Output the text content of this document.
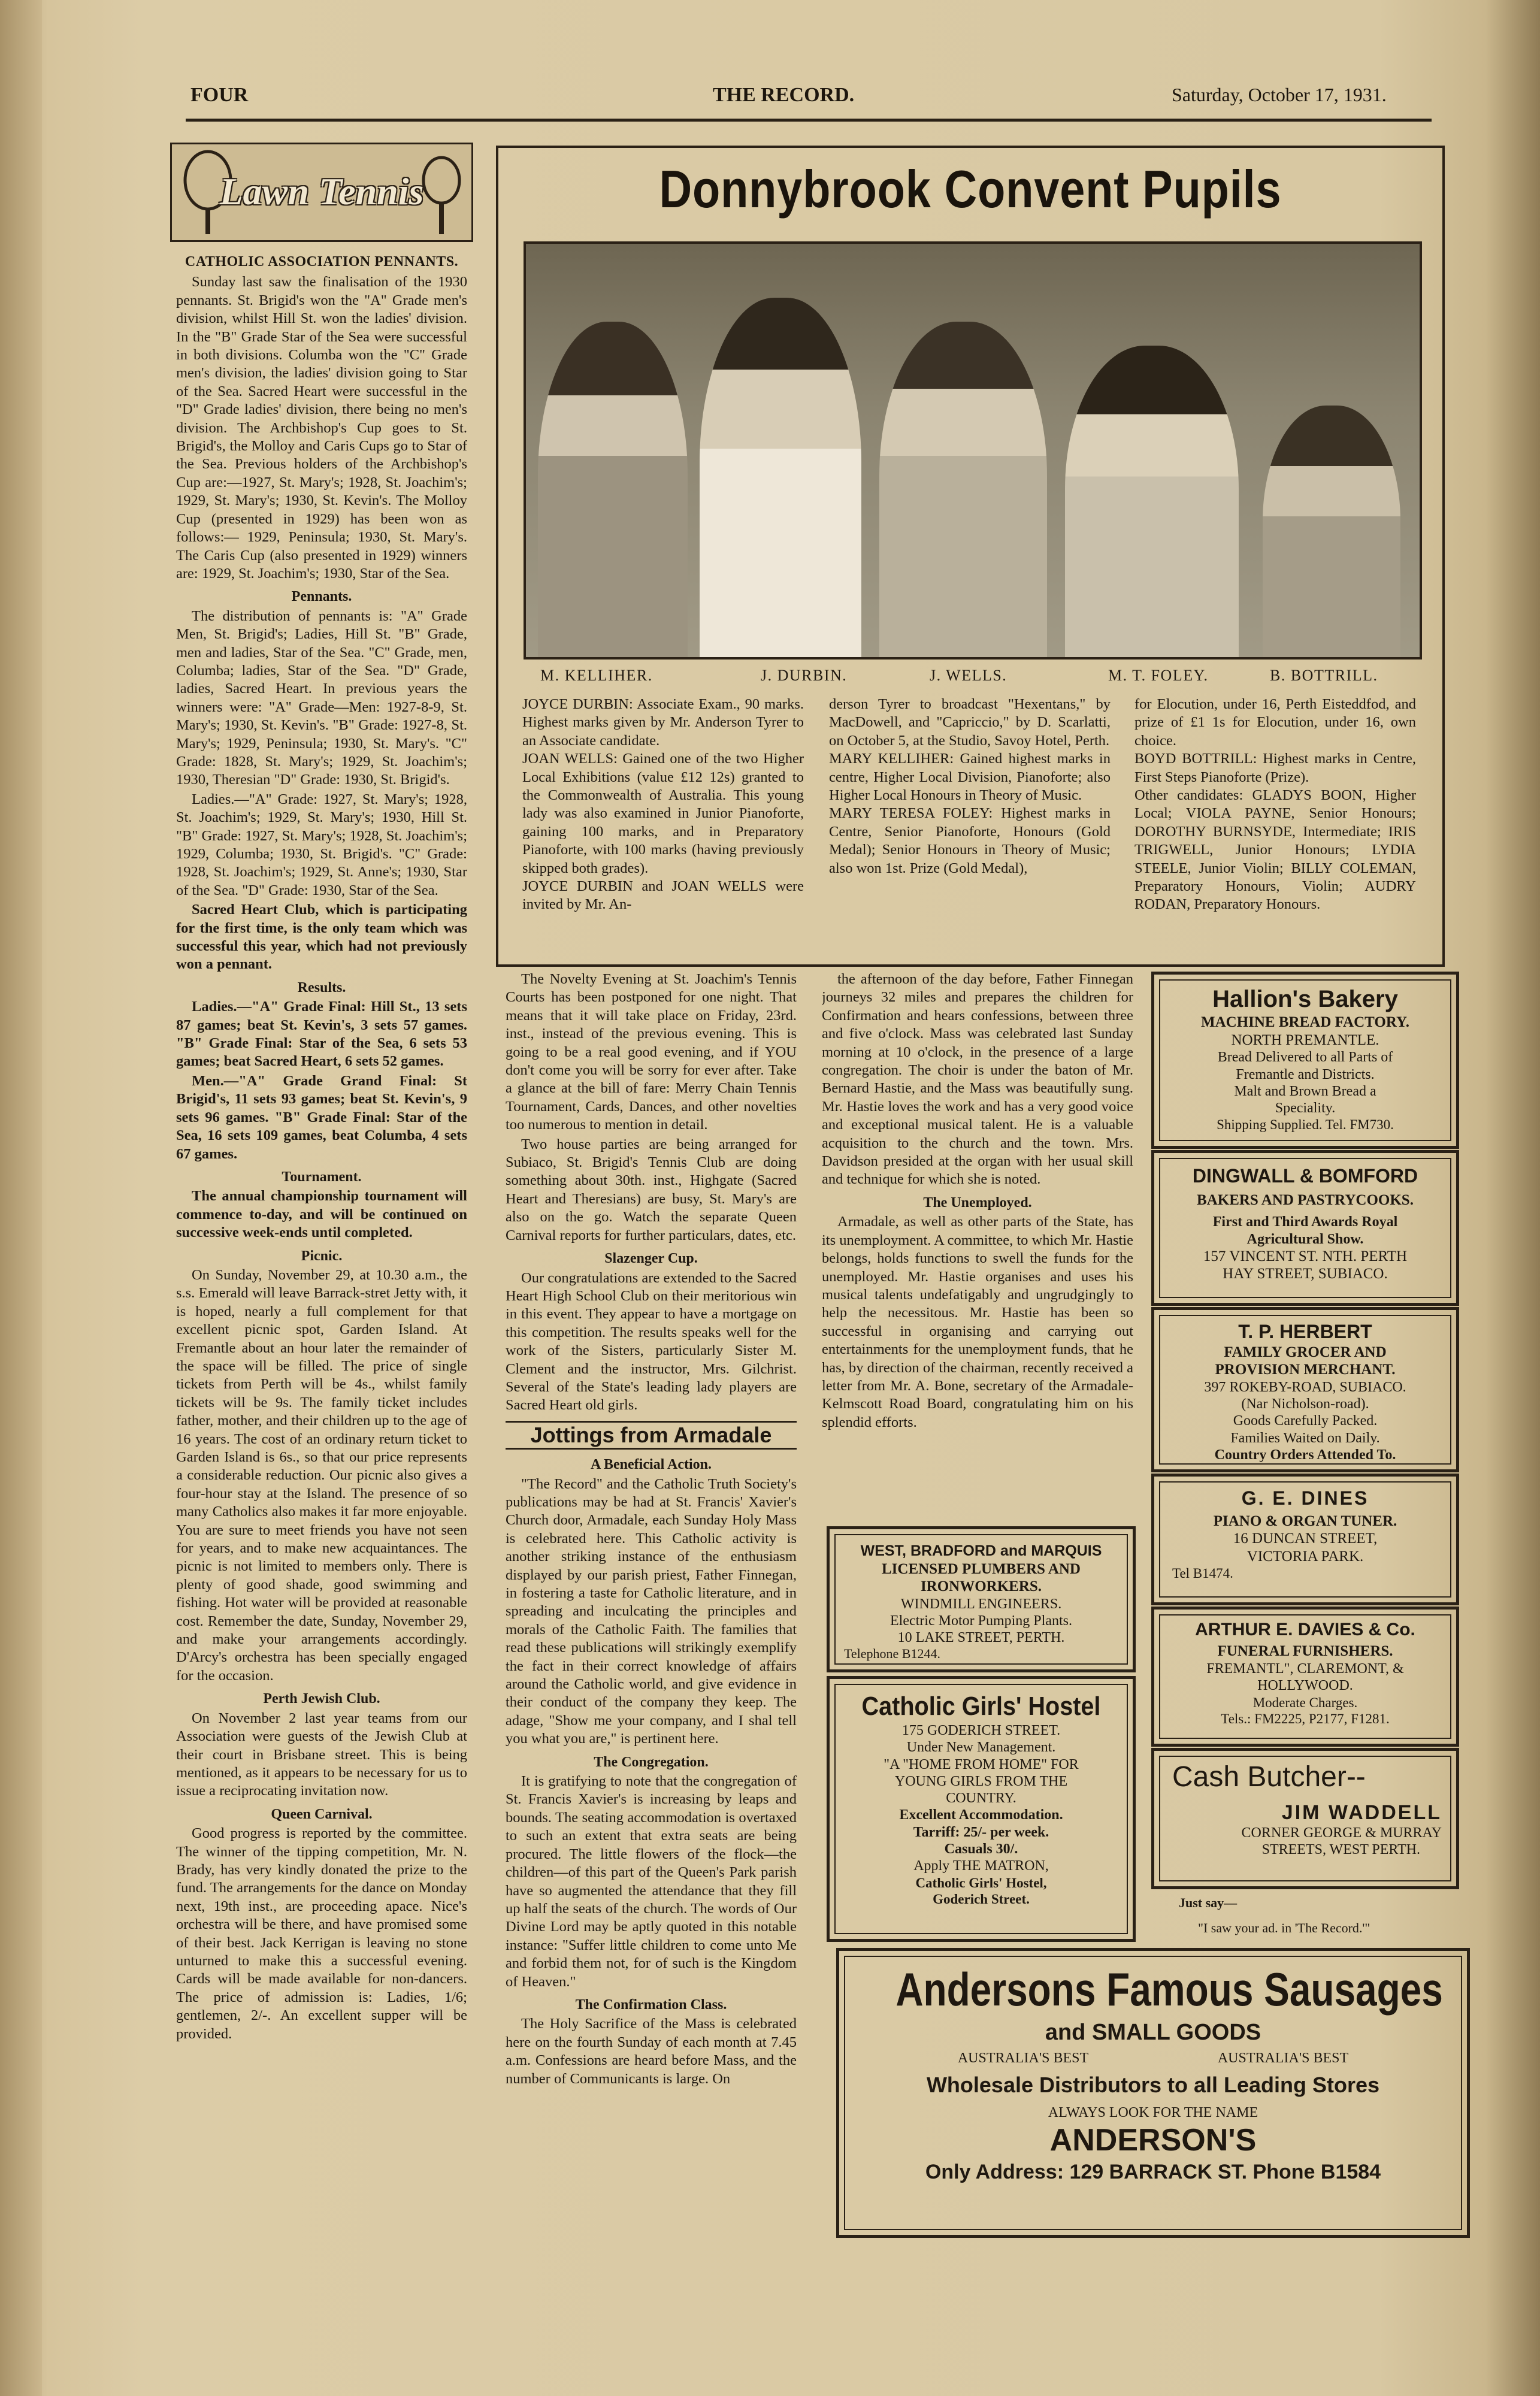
FOUR	THE RECORD.	Saturday, October 17, 1931.
Lawn Tennis

CATHOLIC ASSOCIATION PENNANTS.

Sunday last saw the finalisation of the 1930 pennants. St. Brigid's won the "A" Grade men's division, whilst Hill St. won the ladies' division. In the "B" Grade Star of the Sea were successful in both divisions. Columba won the "C" Grade men's division, the ladies' division going to Star of the Sea. Sacred Heart were successful in the "D" Grade ladies' division, there being no men's division. The Archbishop's Cup goes to St. Brigid's, the Molloy and Caris Cups go to Star of the Sea. Previous holders of the Archbishop's Cup are:—1927, St. Mary's; 1928, St. Joachim's; 1929, St. Mary's; 1930, St. Kevin's. The Molloy Cup (presented in 1929) has been won as follows:— 1929, Peninsula; 1930, St. Mary's. The Caris Cup (also presented in 1929) winners are: 1929, St. Joachim's; 1930, Star of the Sea.

Pennants.

The distribution of pennants is: "A" Grade Men, St. Brigid's; Ladies, Hill St. "B" Grade, men and ladies, Star of the Sea. "C" Grade, men, Columba; ladies, Star of the Sea. "D" Grade, ladies, Sacred Heart. In previous years the winners were: "A" Grade—Men: 1927-8-9, St. Mary's; 1930, St. Kevin's. "B" Grade: 1927-8, St. Mary's; 1929, Peninsula; 1930, St. Mary's. "C" Grade: 1828, St. Mary's; 1929, St. Joachim's; 1930, Theresian "D" Grade: 1930, St. Brigid's.

Ladies.—"A" Grade: 1927, St. Mary's; 1928, St. Joachim's; 1929, St. Mary's; 1930, Hill St. "B" Grade: 1927, St. Mary's; 1928, St. Joachim's; 1929, Columba; 1930, St. Brigid's. "C" Grade: 1928, St. Joachim's; 1929, St. Anne's; 1930, Star of the Sea. "D" Grade: 1930, Star of the Sea.

Sacred Heart Club, which is participating for the first time, is the only team which was successful this year, which had not previously won a pennant.

Results.

Ladies.—"A" Grade Final: Hill St., 13 sets 87 games; beat St. Kevin's, 3 sets 57 games. "B" Grade Final: Star of the Sea, 6 sets 53 games; beat Sacred Heart, 6 sets 52 games.

Men.—"A" Grade Grand Final: St Brigid's, 11 sets 93 games; beat St. Kevin's, 9 sets 96 games. "B" Grade Final: Star of the Sea, 16 sets 109 games, beat Columba, 4 sets 67 games.

Tournament.

The annual championship tournament will commence to-day, and will be continued on successive week-ends until completed.

Picnic.

On Sunday, November 29, at 10.30 a.m., the s.s. Emerald will leave Barrack-stret Jetty with, it is hoped, nearly a full complement for that excellent picnic spot, Garden Island. At Fremantle about an hour later the remainder of the space will be filled. The price of single tickets from Perth will be 4s., whilst family tickets will be 9s. The family ticket includes father, mother, and their children up to the age of 16 years. The cost of an ordinary return ticket to Garden Island is 6s., so that our price represents a considerable reduction. Our picnic also gives a four-hour stay at the Island. The presence of so many Catholics also makes it far more enjoyable. You are sure to meet friends you have not seen for years, and to make new acquaintances. The picnic is not limited to members only. There is plenty of good shade, good swimming and fishing. Hot water will be provided at reasonable cost. Remember the date, Sunday, November 29, and make your arrangements accordingly. D'Arcy's orchestra has been specially engaged for the occasion.

Perth Jewish Club.

On November 2 last year teams from our Association were guests of the Jewish Club at their court in Brisbane street. This is being mentioned, as it appears to be necessary for us to issue a reciprocating invitation now.

Queen Carnival.

Good progress is reported by the committee. The winner of the tipping competition, Mr. N. Brady, has very kindly donated the prize to the fund. The arrangements for the dance on Monday next, 19th inst., are proceeding apace. Nice's orchestra will be there, and have promised some of their best. Jack Kerrigan is leaving no stone unturned to make this a successful evening. Cards will be made available for non-dancers. The price of admission is: Ladies, 1/6; gentlemen, 2/-. An excellent supper will be provided.

Donnybrook Convent Pupils
M. KELLIHER.	J. DURBIN.	J. WELLS.	M. T. FOLEY.	B. BOTTRILL.
JOYCE DURBIN: Associate Exam., 90 marks. Highest marks given by Mr. Anderson Tyrer to an Associate candidate.
JOAN WELLS: Gained one of the two Higher Local Exhibitions (value £12 12s) granted to the Commonwealth of Australia. This young lady was also examined in Junior Pianoforte, gaining 100 marks, and in Preparatory Pianoforte, with 100 marks (having previously skipped both grades).
JOYCE DURBIN and JOAN WELLS were invited by Mr. An-
derson Tyrer to broadcast "Hexentans," by MacDowell, and "Capriccio," by D. Scarlatti, on October 5, at the Studio, Savoy Hotel, Perth.
MARY KELLIHER: Gained highest marks in centre, Higher Local Division, Pianoforte; also Higher Local Honours in Theory of Music.
MARY TERESA FOLEY: Highest marks in Centre, Senior Pianoforte, Honours (Gold Medal); Senior Honours in Theory of Music; also won 1st. Prize (Gold Medal),
for Elocution, under 16, Perth Eisteddfod, and prize of £1 1s for Elocution, under 16, own choice.
BOYD BOTTRILL: Highest marks in Centre, First Steps Pianoforte (Prize).
Other candidates: GLADYS BOON, Higher Local; VIOLA PAYNE, Senior Honours; DOROTHY BURNSYDE, Intermediate; IRIS TRIGWELL, Junior Honours; LYDIA STEELE, Junior Violin; BILLY COLEMAN, Preparatory Honours, Violin; AUDRY RODAN, Preparatory Honours.

The Novelty Evening at St. Joachim's Tennis Courts has been postponed for one night. That means that it will take place on Friday, 23rd. inst., instead of the previous evening. This is going to be a real good evening, and if YOU don't come you will be sorry for ever after. Take a glance at the bill of fare: Merry Chain Tennis Tournament, Cards, Dances, and other novelties too numerous to mention in detail.

Two house parties are being arranged for Subiaco, St. Brigid's Tennis Club are doing something about 30th. inst., Highgate (Sacred Heart and Theresians) are busy, St. Mary's are also on the go. Watch the separate Queen Carnival reports for further particulars, dates, etc.

Slazenger Cup.

Our congratulations are extended to the Sacred Heart High School Club on their meritorious win in this event. They appear to have a mortgage on this competition. The results speaks well for the work of the Sisters, particularly Sister M. Clement and the instructor, Mrs. Gilchrist. Several of the State's leading lady players are Sacred Heart old girls.

Jottings from Armadale

A Beneficial Action.

"The Record" and the Catholic Truth Society's publications may be had at St. Francis' Xavier's Church door, Armadale, each Sunday Holy Mass is celebrated here. This Catholic activity is another striking instance of the enthusiasm displayed by our parish priest, Father Finnegan, in fostering a taste for Catholic literature, and in spreading and inculcating the principles and morals of the Catholic Faith. The families that read these publications will strikingly exemplify the fact in their correct knowledge of affairs around the Catholic world, and give evidence in their conduct of the company they keep. The adage, "Show me your company, and I shal tell you what you are," is pertinent here.

The Congregation.

It is gratifying to note that the congregation of St. Francis Xavier's is increasing by leaps and bounds. The seating accommodation is overtaxed to such an extent that extra seats are being procured. The little flowers of the flock—the children—of this part of the Queen's Park parish have so augmented the attendance that they fill up half the seats of the church. The words of Our Divine Lord may be aptly quoted in this notable instance: "Suffer little children to come unto Me and forbid them not, for of such is the Kingdom of Heaven."

The Confirmation Class.

The Holy Sacrifice of the Mass is celebrated here on the fourth Sunday of each month at 7.45 a.m. Confessions are heard before Mass, and the number of Communicants is large. On

the afternoon of the day before, Father Finnegan journeys 32 miles and prepares the children for Confirmation and hears confessions, between three and five o'clock. Mass was celebrated last Sunday morning at 10 o'clock, in the presence of a large congregation. The choir is under the baton of Mr. Bernard Hastie, and the Mass was beautifully sung. Mr. Hastie loves the work and has a very good voice and exceptional musical talent. He is a valuable acquisition to the church and the town. Mrs. Davidson presided at the organ with her usual skill and technique for which she is noted.

The Unemployed.

Armadale, as well as other parts of the State, has its unemployment. A committee, to which Mr. Hastie belongs, holds functions to swell the funds for the unemployed. Mr. Hastie organises and uses his musical talents undefatigably and ungrudgingly to help the necessitous. Mr. Hastie has been so successful in organising and carrying out entertainments for the unemployment funds, that he has, by direction of the chairman, recently received a letter from Mr. A. Bone, secretary of the Armadale-Kelmscott Road Board, congratulating him on his splendid efforts.

Hallion's Bakery
MACHINE BREAD FACTORY.
NORTH PREMANTLE.
Bread Delivered to all Parts of
Fremantle and Districts.
Malt and Brown Bread a
Speciality.
Shipping Supplied. Tel. FM730.
DINGWALL & BOMFORD
BAKERS AND PASTRYCOOKS.
First and Third Awards Royal
Agricultural Show.
157 VINCENT ST. NTH. PERTH
HAY STREET, SUBIACO.
T. P. HERBERT
FAMILY GROCER AND
PROVISION MERCHANT.
397 ROKEBY-ROAD, SUBIACO.
(Nar Nicholson-road).
Goods Carefully Packed.
Families Waited on Daily.
Country Orders Attended To.
G. E. DINES
PIANO & ORGAN TUNER.
16 DUNCAN STREET,
VICTORIA PARK.
Tel B1474.
ARTHUR E. DAVIES & Co.
FUNERAL FURNISHERS.
FREMANTL", CLAREMONT, &
HOLLYWOOD.
Moderate Charges.
Tels.: FM2225, P2177, F1281.
Cash Butcher--
JIM WADDELL
CORNER GEORGE & MURRAY
STREETS, WEST PERTH.
Just say—
"I saw your ad. in 'The Record.'"
WEST, BRADFORD and MARQUIS
LICENSED PLUMBERS AND
IRONWORKERS.
WINDMILL ENGINEERS.
Electric Motor Pumping Plants.
10 LAKE STREET, PERTH.
Telephone B1244.
Catholic Girls' Hostel
175 GODERICH STREET.
Under New Management.
"A "HOME FROM HOME" FOR
YOUNG GIRLS FROM THE
COUNTRY.
Excellent Accommodation.
Tarriff: 25/- per week.
Casuals 30/.
Apply THE MATRON,
Catholic Girls' Hostel,
Goderich Street.
Andersons Famous Sausages
and SMALL GOODS
AUSTRALIA'S BEST	AUSTRALIA'S BEST
Wholesale Distributors to all Leading Stores
ALWAYS LOOK FOR THE NAME
ANDERSON'S
Only Address: 129 BARRACK ST. Phone B1584
